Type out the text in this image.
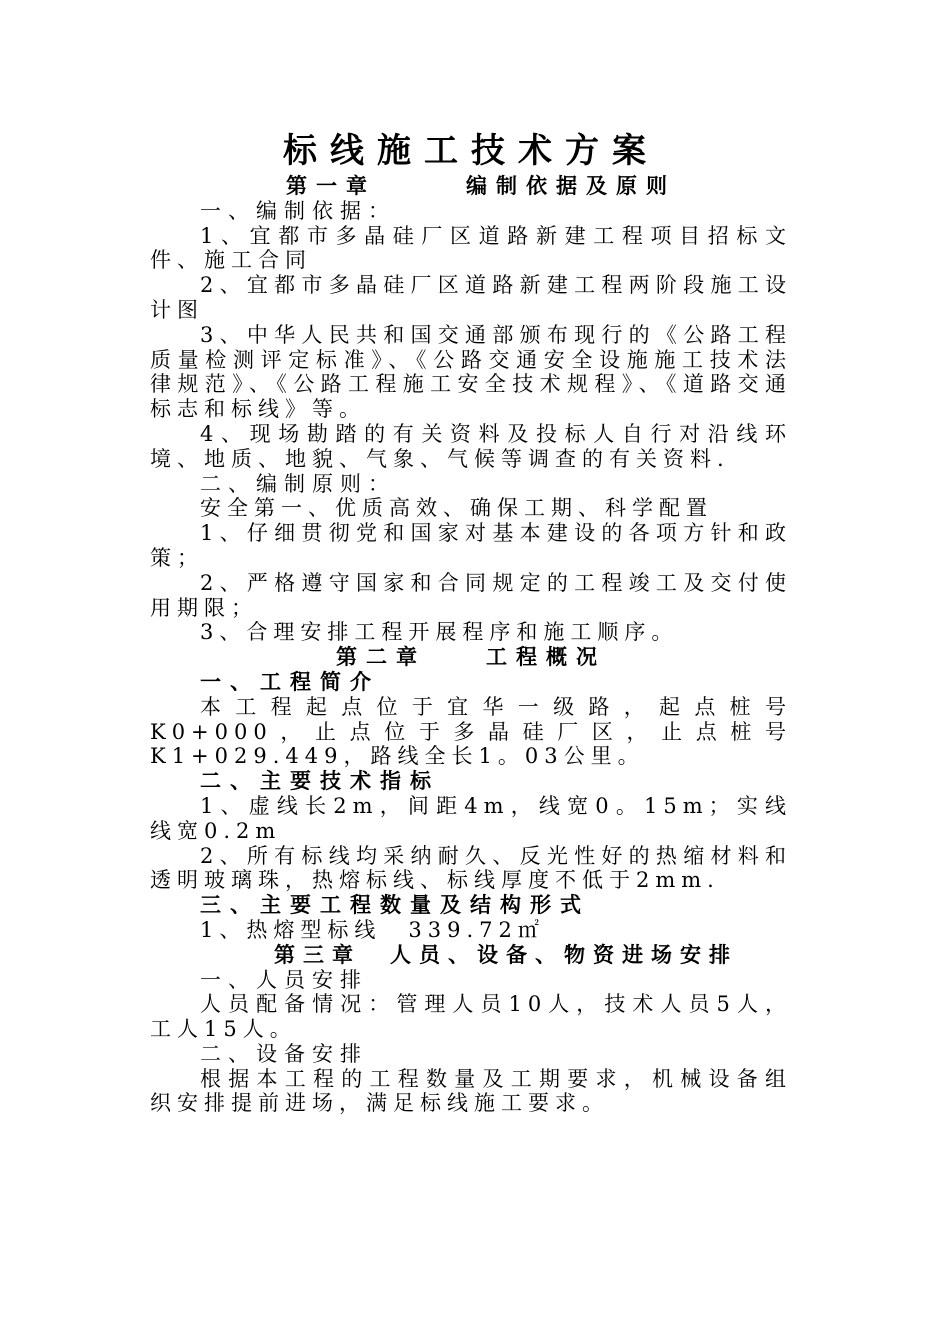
标线施工技术方案
第一章　　　编制依据及原则
一、编制依据：

1、宜都市多晶硅厂区道路新建工程项目招标文件、施工合同

2、宜都市多晶硅厂区道路新建工程两阶段施工设计图

3、中华人民共和国交通部颁布现行的《公路工程质量检测评定标准》、《公路交通安全设施施工技术法律规范》、《公路工程施工安全技术规程》、《道路交通标志和标线》等。

4、现场勘踏的有关资料及投标人自行对沿线环境、地质、地貌、气象、气候等调查的有关资料.

二、编制原则：

安全第一、优质高效、确保工期、科学配置

1、仔细贯彻党和国家对基本建设的各项方针和政策；

2、严格遵守国家和合同规定的工程竣工及交付使用期限；

3、合理安排工程开展程序和施工顺序。

第二章　　工程概况
一、工程简介

本工程起点位于宜华一级路，起点桩号K0+000，止点位于多晶硅厂区，止点桩号K1+029.449，路线全长1。03公里。

二、主要技术指标

1、虚线长2m，间距4m，线宽0。15m；实线线宽0.2m

2、所有标线均采纳耐久、反光性好的热缩材料和透明玻璃珠，热熔标线、标线厚度不低于2mm.

三、主要工程数量及结构形式

1、热熔型标线　339.72㎡

第三章　人员、设备、物资进场安排
一、人员安排

人员配备情况：管理人员10人，技术人员5人，工人15人。

二、设备安排

根据本工程的工程数量及工期要求，机械设备组织安排提前进场，满足标线施工要求。
